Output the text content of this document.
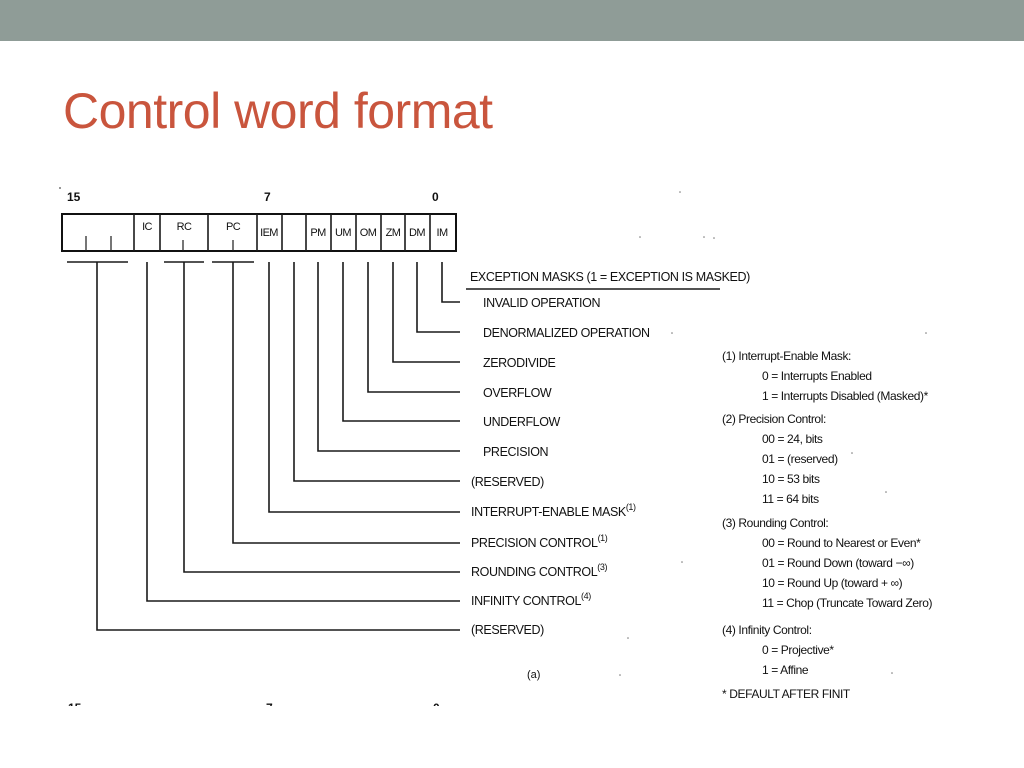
Control word format
15	7	0
IC RC	PC IEM	PM UM OM ZM DM IM
EXCEPTION MASKS (1 = EXCEPTION IS MASKED)
INVALID OPERATION
DENORMALIZED OPERATION
ZERODIVIDE
OVERFLOW
UNDERFLOW
PRECISION
(RESERVED)
INTERRUPT-ENABLE MASK$^{(1)}$
PRECISION CONTROL$^{(1)}$
ROUNDING CONTROL$^{(3)}$
INFINITY CONTROL$^{(4)}$
(RESERVED)
(a)
(1) Interrupt-Enable Mask:
0 = Interrupts Enabled
1 = Interrupts Disabled (Masked)*
(2) Precision Control:
00 = 24, bits
01 = (reserved)
10 = 53 bits
11 = 64 bits
(3) Rounding Control:
00 = Round to Nearest or Even*
01 = Round Down (toward −∞)
10 = Round Up (toward + ∞)
11 = Chop (Truncate Toward Zero)
(4) Infinity Control:
0 = Projective*
1 = Affine
* DEFAULT AFTER FINIT
